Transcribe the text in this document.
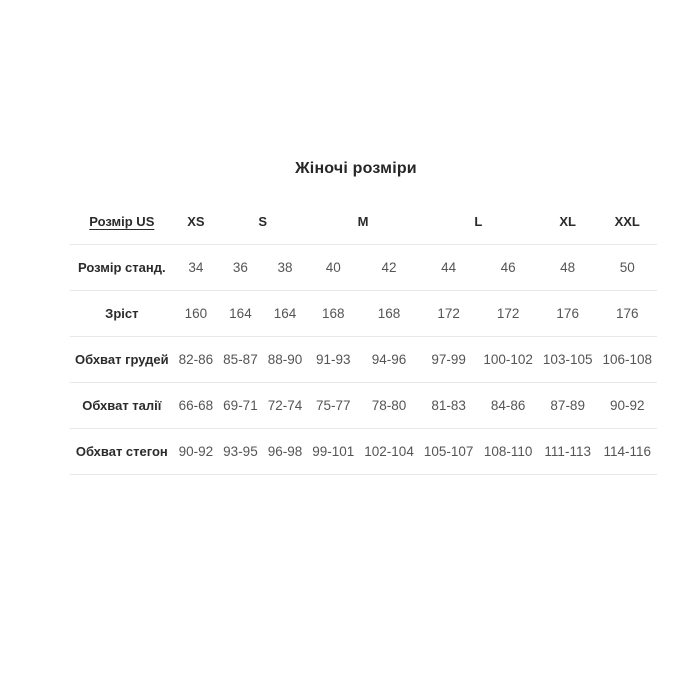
Жіночі розміри
Розмір US	XS	S		M		L		XL	XXL
Розмір станд.	34	36	38	40	42	44	46	48	50
Зріст	160	164	164	168	168	172	172	176	176
Обхват грудей	82-86	85-87	88-90	91-93	94-96	97-99	100-102	103-105	106-108
Обхват талії	66-68	69-71	72-74	75-77	78-80	81-83	84-86	87-89	90-92
Обхват стегон	90-92	93-95	96-98	99-101	102-104	105-107	108-110	111-113	114-116
